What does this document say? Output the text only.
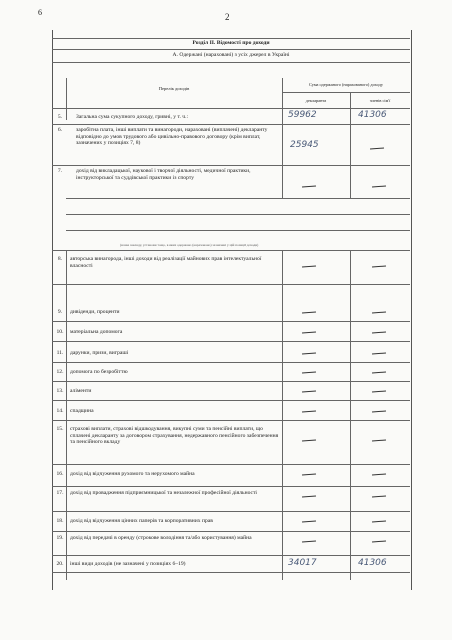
6	2
Розділ II. Відомості про доходи
А. Одержані (нараховані) з усіх джерел в Україні
Перелік доходів
Сума одержаного (нарахованого) доходу
декларанта	членів сім'ї
5.	Загальна сума сукупного доходу, гривні, у т. ч.:	59962	41306
6.	заробітна плата, інші виплати та винагороди, нараховані (виплачені) декларанту відповідно до умов трудового або цивільно-правового договору (крім виплат, зазначених у позиціях 7, 8)	25945
7.	дохід від викладацької, наукової і творчої діяльності, медичної практики, інструкторської та суддівської практики із спорту
(назва закладу, установи тощо, в яких одержано (нараховано) зазначені у цій позиції доходи)
8.	авторська винагорода, інші доходи від реалізації майнових прав інтелектуальної власності
9.	дивіденди, проценти
10.	матеріальна допомога
11.	дарунки, призи, виграші
12.	допомога по безробіттю
13.	аліменти
14.	спадщина
15.	страхові виплати, страхові відшкодування, викупні суми та пенсійні виплати, що сплачені декларанту за договором страхування, недержавного пенсійного забезпечення та пенсійного вкладу
16.	дохід від відчуження рухомого та нерухомого майна
17.	дохід від провадження підприємницької та незалежної професійної діяльності
18.	дохід від відчуження цінних паперів та корпоративних прав
19.	дохід від передачі в оренду (строкове володіння та/або користування) майна
20.	інші види доходів (не зазначені у позиціях 6–19)	34017	41306
